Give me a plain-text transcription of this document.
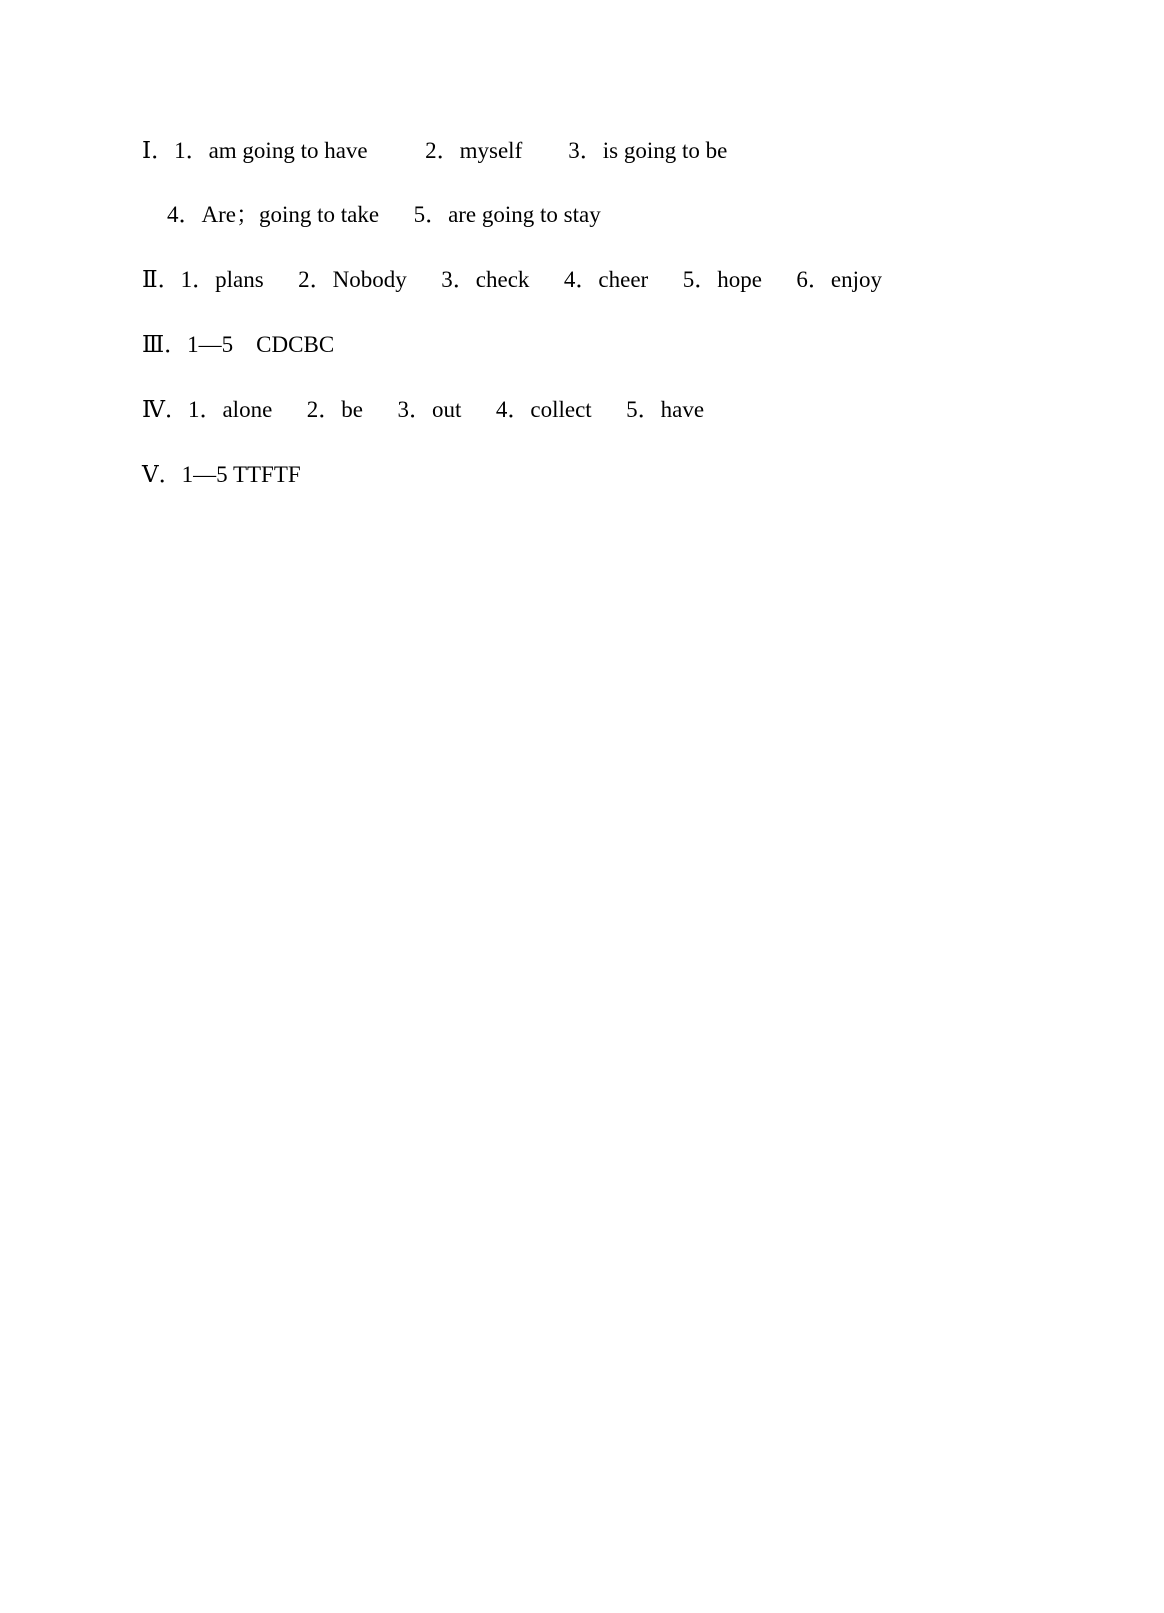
Ⅰ．1．am going to have          2．myself        3．is going to be
4．Are；going to take      5．are going to stay
Ⅱ．1．plans      2．Nobody      3．check      4．cheer      5．hope      6．enjoy
Ⅲ．1—5    CDCBC
Ⅳ．1．alone      2．be      3．out      4．collect      5．have
Ⅴ．1—5 TTFTF
